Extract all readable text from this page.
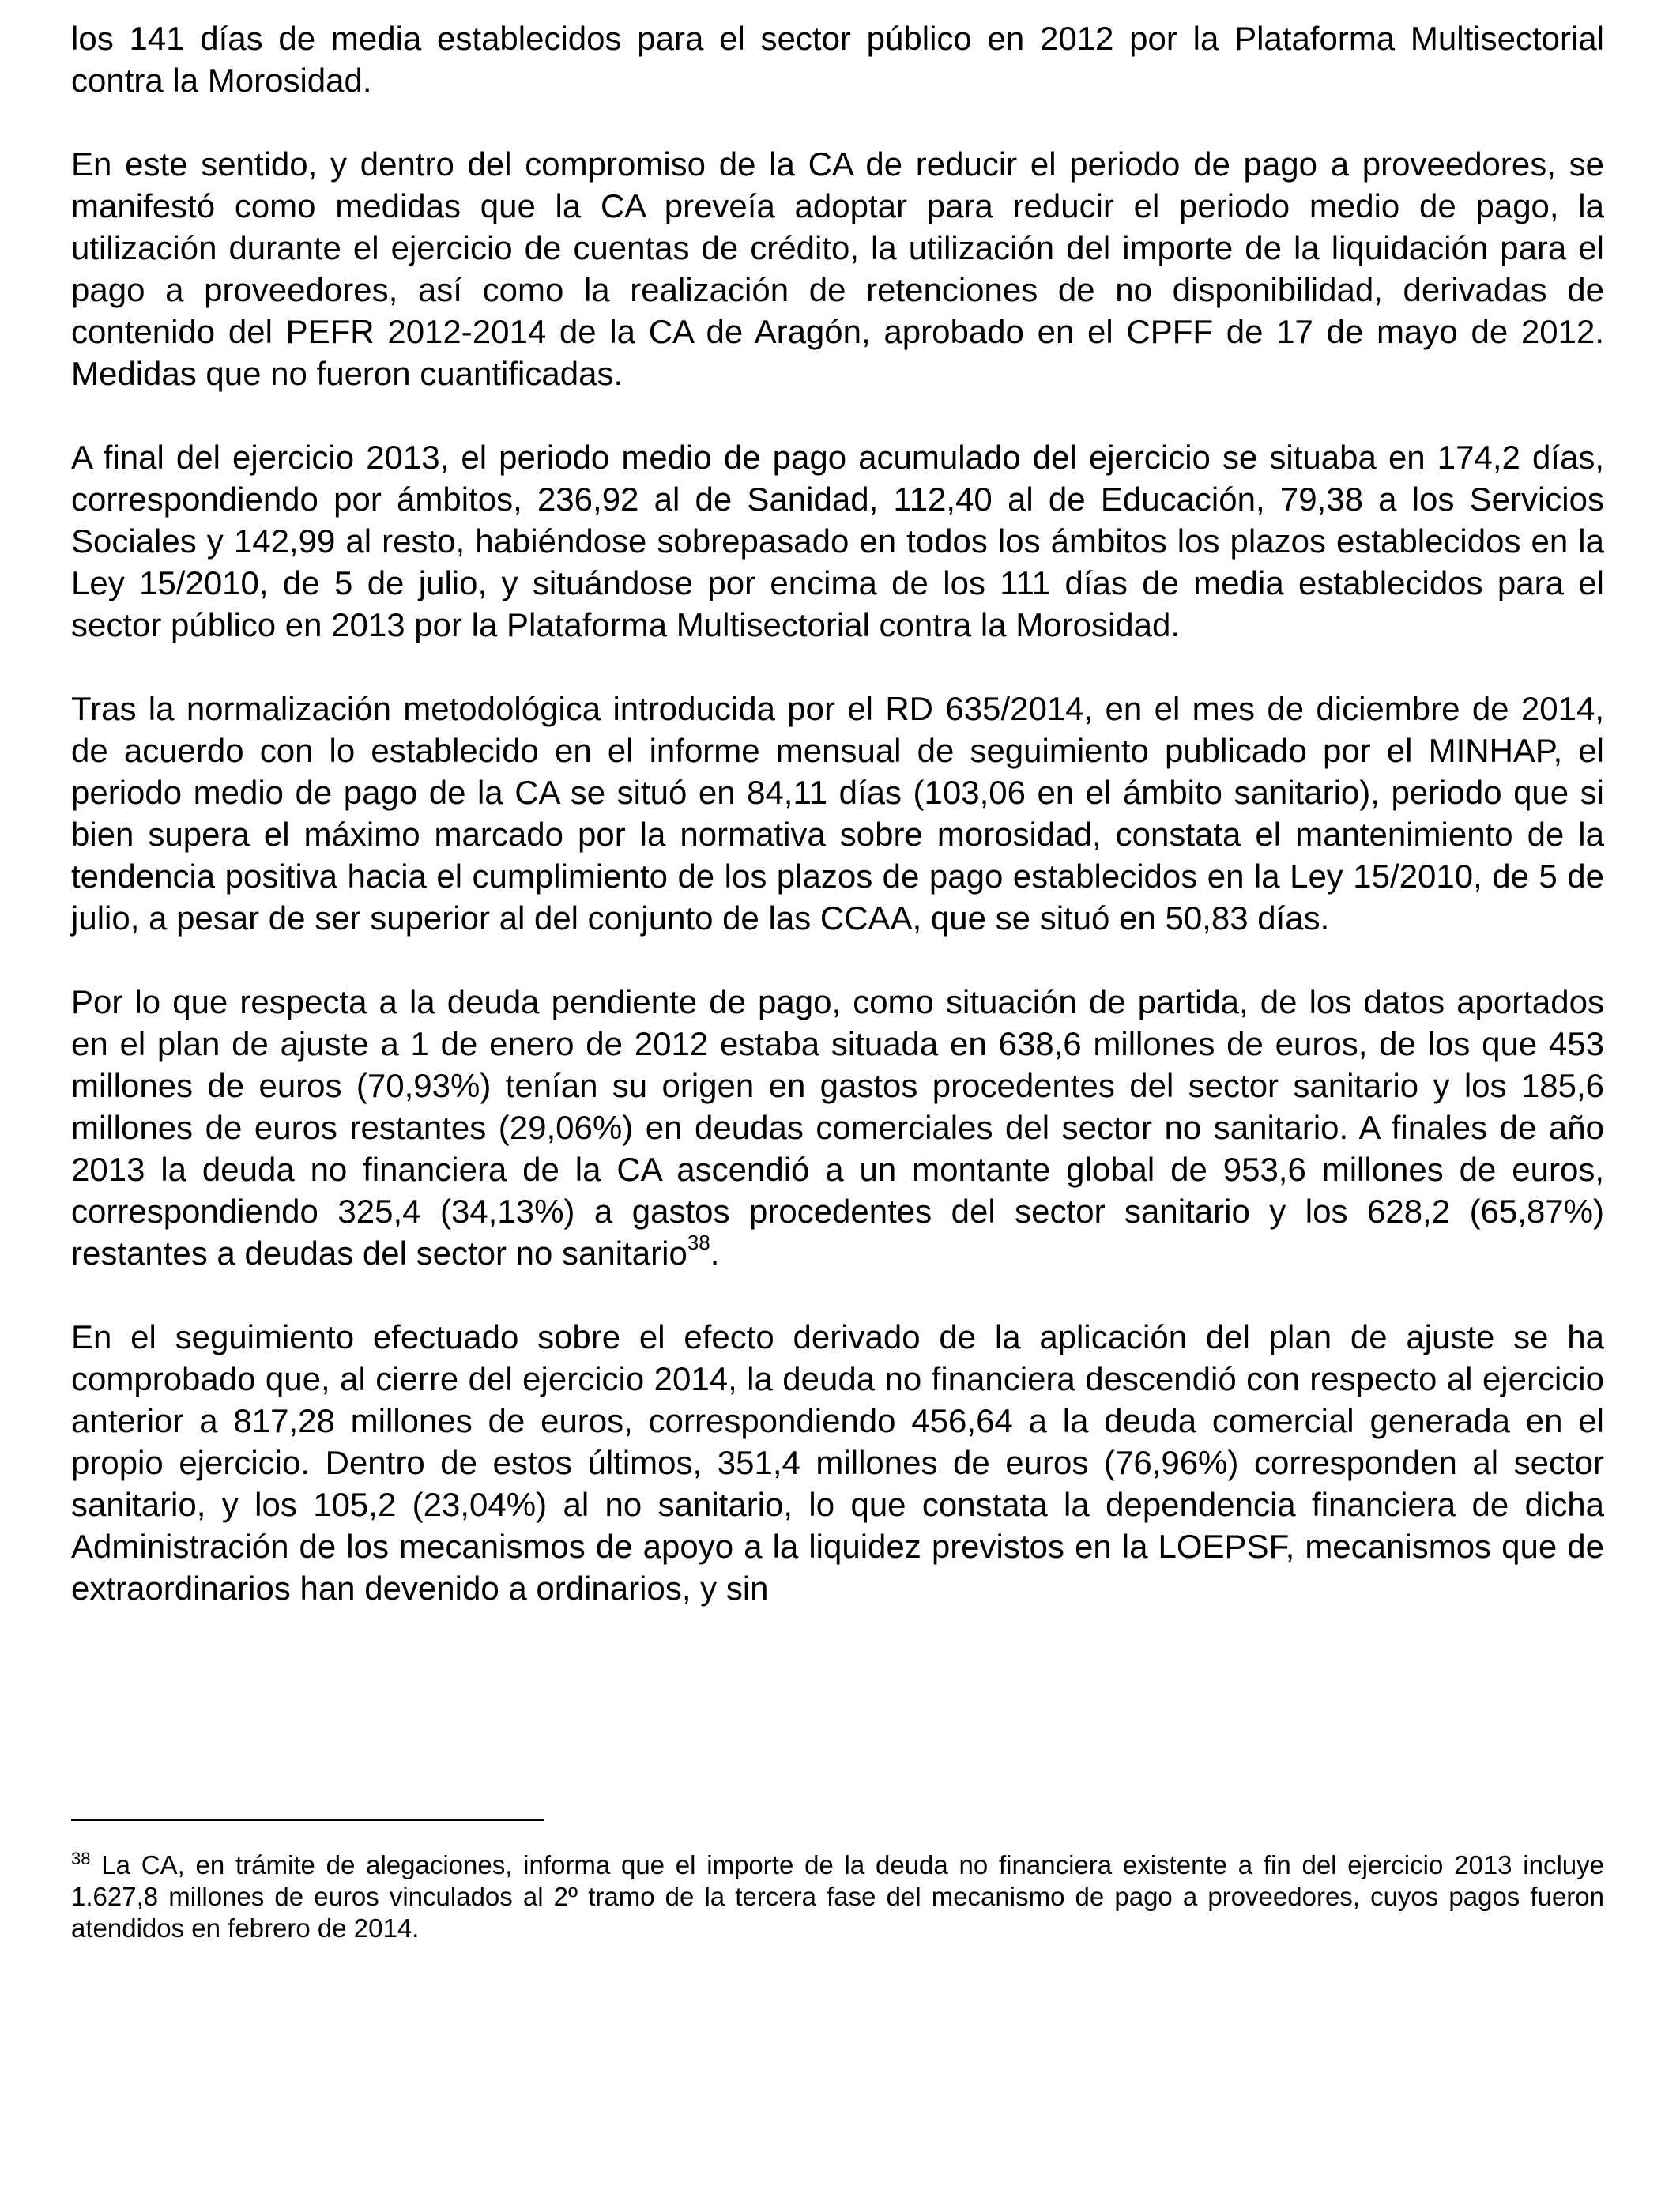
los 141 días de media establecidos para el sector público en 2012 por la Plataforma Multisectorial contra la Morosidad.

En este sentido, y dentro del compromiso de la CA de reducir el periodo de pago a proveedores, se manifestó como medidas que la CA preveía adoptar para reducir el periodo medio de pago, la utilización durante el ejercicio de cuentas de crédito, la utilización del importe de la liquidación para el pago a proveedores, así como la realización de retenciones de no disponibilidad, derivadas de contenido del PEFR 2012-2014 de la CA de Aragón, aprobado en el CPFF de 17 de mayo de 2012. Medidas que no fueron cuantificadas.

A final del ejercicio 2013, el periodo medio de pago acumulado del ejercicio se situaba en 174,2 días, correspondiendo por ámbitos, 236,92 al de Sanidad, 112,40 al de Educación, 79,38 a los Servicios Sociales y 142,99 al resto, habiéndose sobrepasado en todos los ámbitos los plazos establecidos en la Ley 15/2010, de 5 de julio, y situándose por encima de los 111 días de media establecidos para el sector público en 2013 por la Plataforma Multisectorial contra la Morosidad.

Tras la normalización metodológica introducida por el RD 635/2014, en el mes de diciembre de 2014, de acuerdo con lo establecido en el informe mensual de seguimiento publicado por el MINHAP, el periodo medio de pago de la CA se situó en 84,11 días (103,06 en el ámbito sanitario), periodo que si bien supera el máximo marcado por la normativa sobre morosidad, constata el mantenimiento de la tendencia positiva hacia el cumplimiento de los plazos de pago establecidos en la Ley 15/2010, de 5 de julio, a pesar de ser superior al del conjunto de las CCAA, que se situó en 50,83 días.

Por lo que respecta a la deuda pendiente de pago, como situación de partida, de los datos aportados en el plan de ajuste a 1 de enero de 2012 estaba situada en 638,6 millones de euros, de los que 453 millones de euros (70,93%) tenían su origen en gastos procedentes del sector sanitario y los 185,6 millones de euros restantes (29,06%) en deudas comerciales del sector no sanitario. A finales de año 2013 la deuda no financiera de la CA ascendió a un montante global de 953,6 millones de euros, correspondiendo 325,4 (34,13%) a gastos procedentes del sector sanitario y los 628,2 (65,87%) restantes a deudas del sector no sanitario$^{38}$.

En el seguimiento efectuado sobre el efecto derivado de la aplicación del plan de ajuste se ha comprobado que, al cierre del ejercicio 2014, la deuda no financiera descendió con respecto al ejercicio anterior a 817,28 millones de euros, correspondiendo 456,64 a la deuda comercial generada en el propio ejercicio. Dentro de estos últimos, 351,4 millones de euros (76,96%) corresponden al sector sanitario, y los 105,2 (23,04%) al no sanitario, lo que constata la dependencia financiera de dicha Administración de los mecanismos de apoyo a la liquidez previstos en la LOEPSF, mecanismos que de extraordinarios han devenido a ordinarios, y sin

$^{38}$ La CA, en trámite de alegaciones, informa que el importe de la deuda no financiera existente a fin del ejercicio 2013 incluye 1.627,8 millones de euros vinculados al 2º tramo de la tercera fase del mecanismo de pago a proveedores, cuyos pagos fueron atendidos en febrero de 2014.
